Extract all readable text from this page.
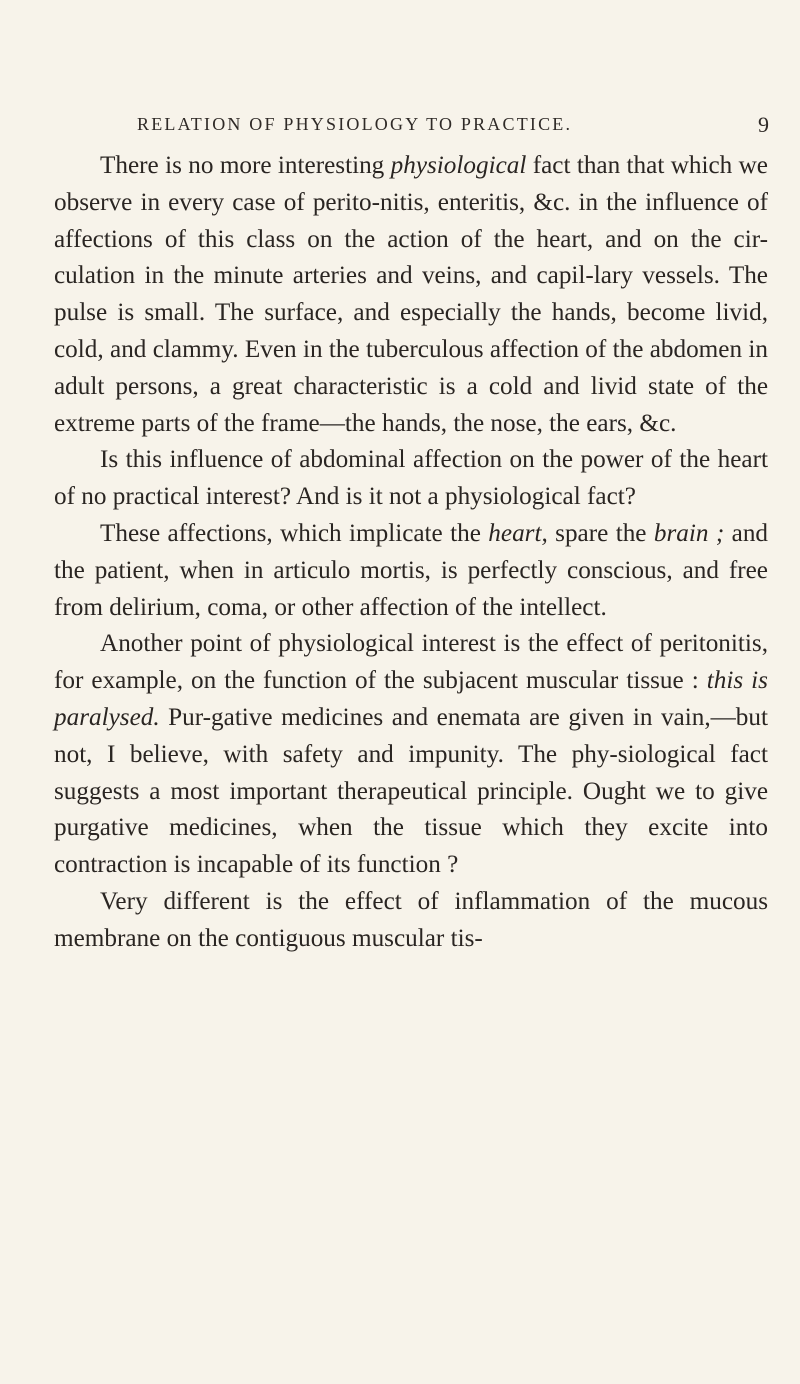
RELATION OF PHYSIOLOGY TO PRACTICE.	9

There is no more interesting physiological fact than that which we observe in every case of perito-nitis, enteritis, &c. in the influence of affections of this class on the action of the heart, and on the cir-culation in the minute arteries and veins, and capil-lary vessels. The pulse is small. The surface, and especially the hands, become livid, cold, and clammy. Even in the tuberculous affection of the abdomen in adult persons, a great characteristic is a cold and livid state of the extreme parts of the frame—the hands, the nose, the ears, &c.

Is this influence of abdominal affection on the power of the heart of no practical interest? And is it not a physiological fact?

These affections, which implicate the heart, spare the brain ; and the patient, when in articulo mortis, is perfectly conscious, and free from delirium, coma, or other affection of the intellect.

Another point of physiological interest is the effect of peritonitis, for example, on the function of the subjacent muscular tissue : this is paralysed. Pur-gative medicines and enemata are given in vain,—but not, I believe, with safety and impunity. The phy-siological fact suggests a most important therapeutical principle. Ought we to give purgative medicines, when the tissue which they excite into contraction is incapable of its function ?

Very different is the effect of inflammation of the mucous membrane on the contiguous muscular tis-
